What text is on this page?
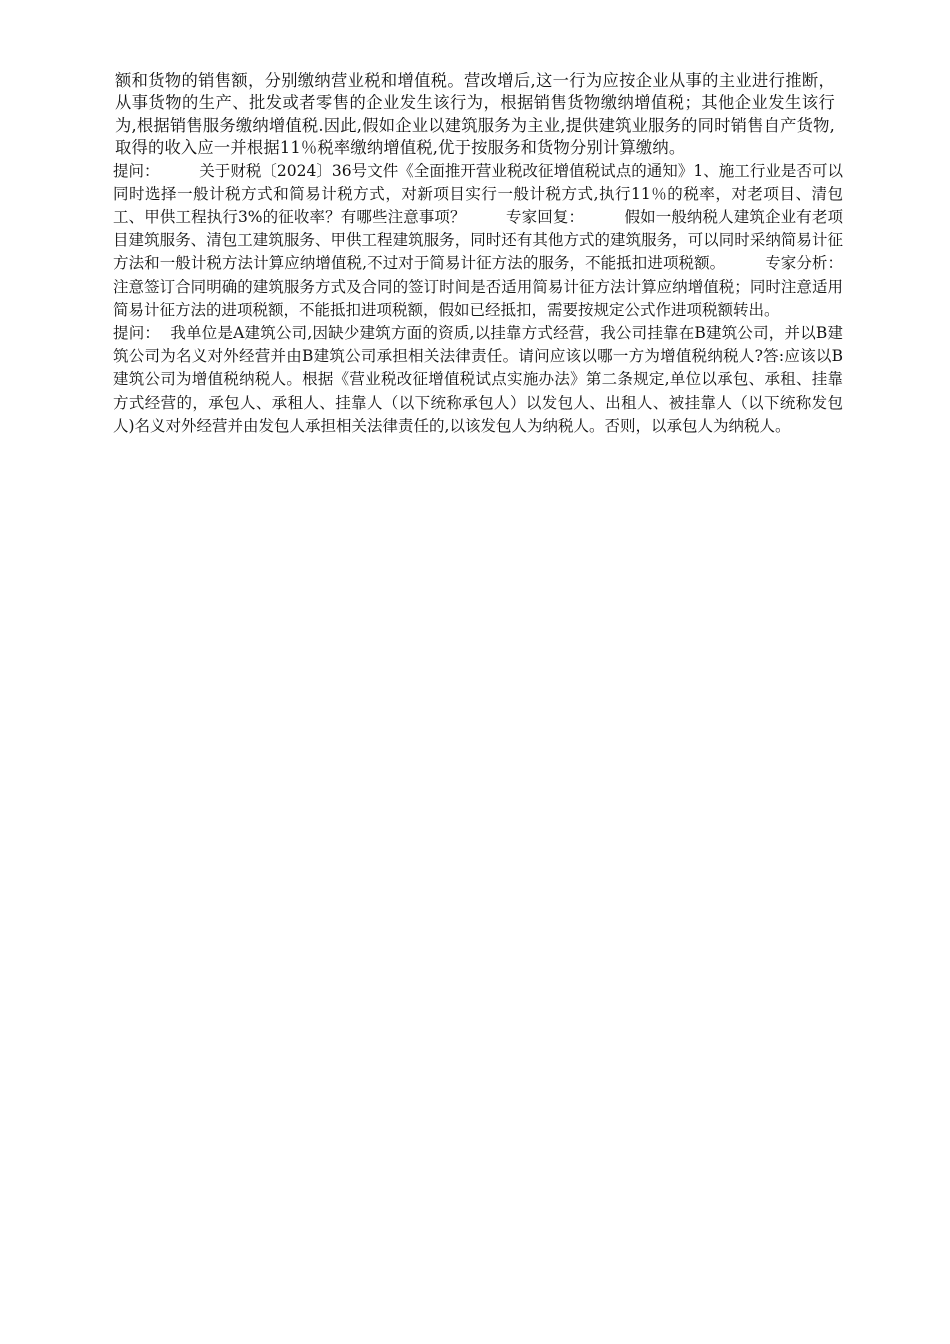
额和货物的销售额，分别缴纳营业税和增值税。营改增后,这一行为应按企业从事的主业进行推断，从事货物的生产、批发或者零售的企业发生该行为，根据销售货物缴纳增值税；其他企业发生该行为,根据销售服务缴纳增值税.因此,假如企业以建筑服务为主业,提供建筑业服务的同时销售自产货物,取得的收入应一并根据11％税率缴纳增值税,优于按服务和货物分别计算缴纳。

提问：        关于财税〔2024〕36号文件《全面推开营业税改征增值税试点的通知》1、施工行业是否可以同时选择一般计税方式和简易计税方式，对新项目实行一般计税方式,执行11％的税率，对老项目、清包工、甲供工程执行3%的征收率？有哪些注意事项？        专家回复：        假如一般纳税人建筑企业有老项目建筑服务、清包工建筑服务、甲供工程建筑服务，同时还有其他方式的建筑服务，可以同时采纳简易计征方法和一般计税方法计算应纳增值税,不过对于简易计征方法的服务，不能抵扣进项税额。        专家分析：        注意签订合同明确的建筑服务方式及合同的签订时间是否适用简易计征方法计算应纳增值税；同时注意适用简易计征方法的进项税额，不能抵扣进项税额，假如已经抵扣，需要按规定公式作进项税额转出。

提问：  我单位是A建筑公司,因缺少建筑方面的资质,以挂靠方式经营，我公司挂靠在B建筑公司，并以B建筑公司为名义对外经营并由B建筑公司承担相关法律责任。请问应该以哪一方为增值税纳税人?答:应该以B建筑公司为增值税纳税人。根据《营业税改征增值税试点实施办法》第二条规定,单位以承包、承租、挂靠方式经营的，承包人、承租人、挂靠人（以下统称承包人）以发包人、出租人、被挂靠人（以下统称发包人)名义对外经营并由发包人承担相关法律责任的,以该发包人为纳税人。否则，以承包人为纳税人。
